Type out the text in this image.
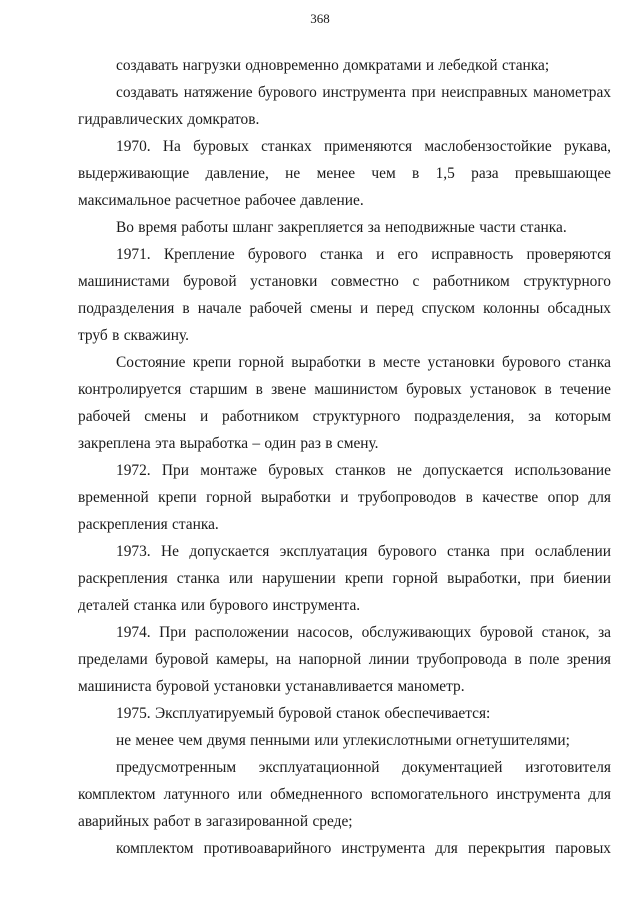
368

создавать нагрузки одновременно домкратами и лебедкой станка;

создавать натяжение бурового инструмента при неисправных манометрах гидравлических домкратов.

1970. На буровых станках применяются маслобензостойкие рукава, выдерживающие давление, не менее чем в 1,5 раза превышающее максимальное расчетное рабочее давление.

Во время работы шланг закрепляется за неподвижные части станка.

1971. Крепление бурового станка и его исправность проверяются машинистами буровой установки совместно с работником структурного подразделения в начале рабочей смены и перед спуском колонны обсадных труб в скважину.

Состояние крепи горной выработки в месте установки бурового станка контролируется старшим в звене машинистом буровых установок в течение рабочей смены и работником структурного подразделения, за которым закреплена эта выработка – один раз в смену.

1972. При монтаже буровых станков не допускается использование временной крепи горной выработки и трубопроводов в качестве опор для раскрепления станка.

1973. Не допускается эксплуатация бурового станка при ослаблении раскрепления станка или нарушении крепи горной выработки, при биении деталей станка или бурового инструмента.

1974. При расположении насосов, обслуживающих буровой станок, за пределами буровой камеры, на напорной линии трубопровода в поле зрения машиниста буровой установки устанавливается манометр.

1975. Эксплуатируемый буровой станок обеспечивается:

не менее чем двумя пенными или углекислотными огнетушителями;

предусмотренным эксплуатационной документацией изготовителя комплектом латунного или обмедненного вспомогательного инструмента для аварийных работ в загазированной среде;

комплектом противоаварийного инструмента для перекрытия паровых
